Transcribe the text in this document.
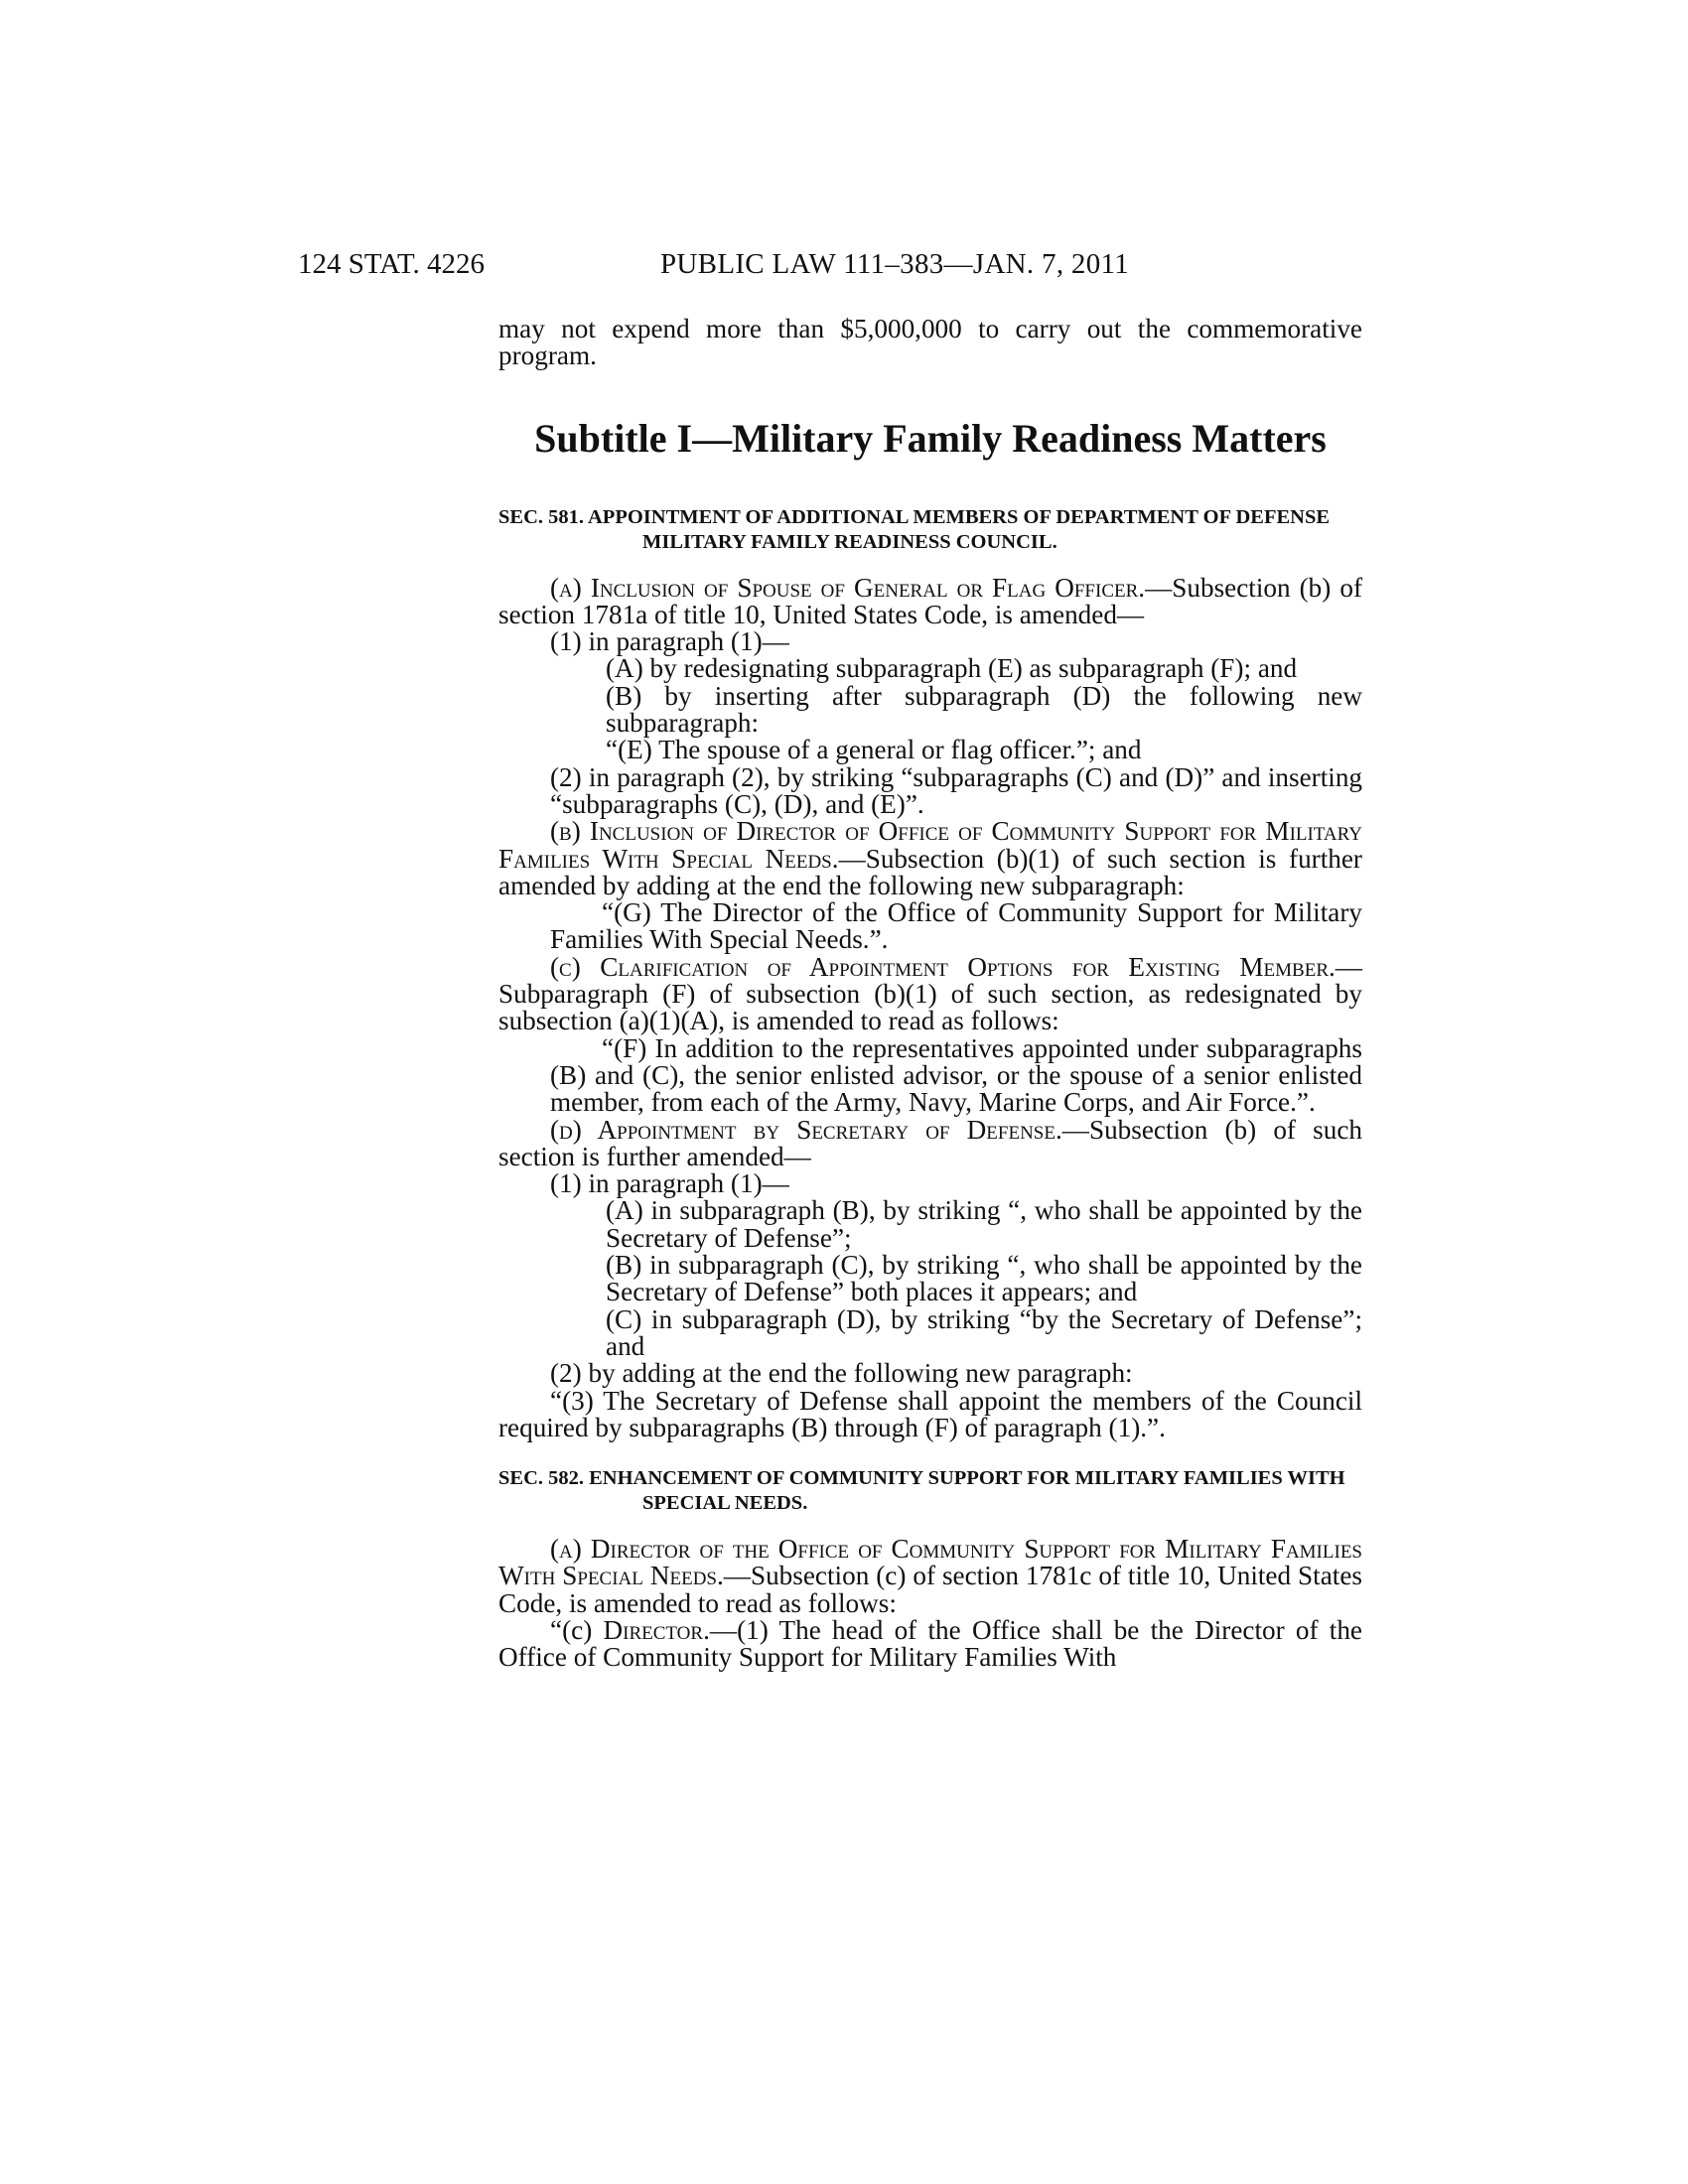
124 STAT. 4226	PUBLIC LAW 111–383—JAN. 7, 2011

may not expend more than $5,000,000 to carry out the commemorative program.

Subtitle I—Military Family Readiness Matters
SEC. 581. APPOINTMENT OF ADDITIONAL MEMBERS OF DEPARTMENT OF DEFENSE MILITARY FAMILY READINESS COUNCIL.

(a) Inclusion of Spouse of General or Flag Officer.—Subsection (b) of section 1781a of title 10, United States Code, is amended—

(1) in paragraph (1)—

(A) by redesignating subparagraph (E) as subparagraph (F); and

(B) by inserting after subparagraph (D) the following new subparagraph:

“(E) The spouse of a general or flag officer.”; and

(2) in paragraph (2), by striking “subparagraphs (C) and (D)” and inserting “subparagraphs (C), (D), and (E)”.

(b) Inclusion of Director of Office of Community Support for Military Families With Special Needs.—Subsection (b)(1) of such section is further amended by adding at the end the following new subparagraph:

“(G) The Director of the Office of Community Support for Military Families With Special Needs.”.

(c) Clarification of Appointment Options for Existing Member.—Subparagraph (F) of subsection (b)(1) of such section, as redesignated by subsection (a)(1)(A), is amended to read as follows:

“(F) In addition to the representatives appointed under subparagraphs (B) and (C), the senior enlisted advisor, or the spouse of a senior enlisted member, from each of the Army, Navy, Marine Corps, and Air Force.”.

(d) Appointment by Secretary of Defense.—Subsection (b) of such section is further amended—

(1) in paragraph (1)—

(A) in subparagraph (B), by striking “, who shall be appointed by the Secretary of Defense”;

(B) in subparagraph (C), by striking “, who shall be appointed by the Secretary of Defense” both places it appears; and

(C) in subparagraph (D), by striking “by the Secretary of Defense”; and

(2) by adding at the end the following new paragraph:

“(3) The Secretary of Defense shall appoint the members of the Council required by subparagraphs (B) through (F) of paragraph (1).”.

SEC. 582. ENHANCEMENT OF COMMUNITY SUPPORT FOR MILITARY FAMILIES WITH SPECIAL NEEDS.

(a) Director of the Office of Community Support for Military Families With Special Needs.—Subsection (c) of section 1781c of title 10, United States Code, is amended to read as follows:

“(c) Director.—(1) The head of the Office shall be the Director of the Office of Community Support for Military Families With
